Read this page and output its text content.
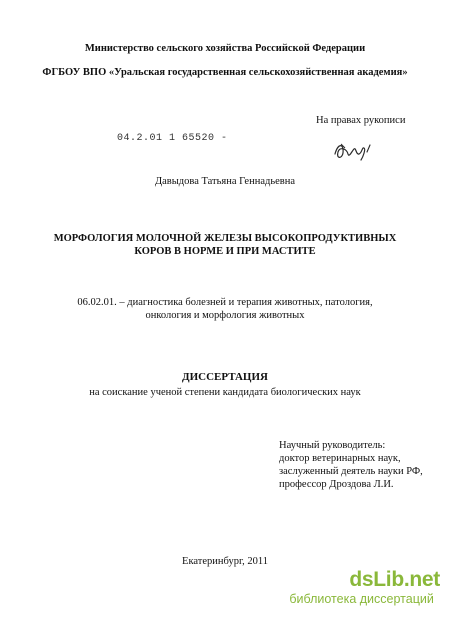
Министерство сельского хозяйства Российской Федерации
ФГБОУ ВПО «Уральская государственная сельскохозяйственная академия»
04.2.01 1 65520 -
На правах рукописи
Давыдова Татьяна Геннадьевна
МОРФОЛОГИЯ МОЛОЧНОЙ ЖЕЛЕЗЫ ВЫСОКОПРОДУКТИВНЫХ
КОРОВ В НОРМЕ И ПРИ МАСТИТЕ
06.02.01. – диагностика болезней и терапия животных, патология,
онкология и морфология животных
ДИССЕРТАЦИЯ
на соискание ученой степени кандидата биологических наук
Научный руководитель:
доктор ветеринарных наук,
заслуженный деятель науки РФ,
профессор Дроздова Л.И.
Екатеринбург, 2011
dsLib.net
библиотека диссертаций
